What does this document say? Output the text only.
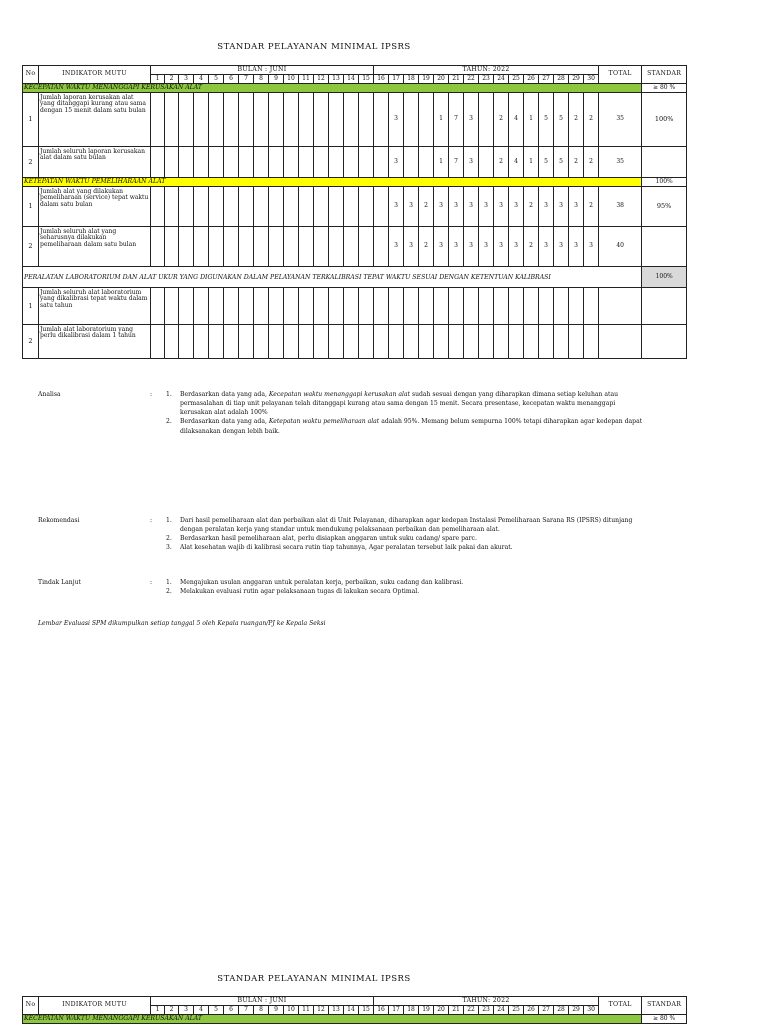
STANDAR PELAYANAN MINIMAL IPSRS
No	INDIKATOR MUTU	BULAN : JUNI															TAHUN: 2022															TOTAL	STANDAR
		1	2	3	4	5	6	7	8	9	10	11	12	13	14	15	16	17	18	19	20	21	22	23	24	25	26	27	28	29	30		
KECEPATAN WAKTU MENANGGAPI KERUSAKAN ALAT																																	≥ 80 %
1	Jumlah laporan kerusakan alat yang ditanggapi kurang atau sama dengan 15 menit dalam satu bulan																	3			1	7	3		2	4	1	5	5	2	2	35	100%
2	Jumlah seluruh laporan kerusakan alat dalam satu bulan																	3			1	7	3		2	4	1	5	5	2	2	35	
KETEPATAN WAKTU PEMELIHARAAN ALAT																																	100%
1	Jumlah alat yang dilakukan pemeliharaan (service) tepat waktu dalam satu bulan																	3	3	2	3	3	3	3	3	3	2	3	3	3	2	38	95%
2	Jumlah seluruh alat yang seharusnya dilakukan pemeliharaan dalam satu bulan																	3	3	2	3	3	3	3	3	3	2	3	3	3	3	40	
PERALATAN LABORATORIUM DAN ALAT UKUR YANG DIGUNAKAN DALAM PELAYANAN TERKALIBRASI TEPAT WAKTU SESUAI DENGAN KETENTUAN KALIBRASI																																	100%
1	Jumlah seluruh alat laboratorium yang dikalibrasi tepat waktu dalam satu tahun																																
2	Jumlah alat laboratorium yang perlu dikalibrasi dalam 1 tahun																																
Analisa	: 1. Berdasarkan data yang ada, Kecepatan waktu menanggapi kerusakan alat sudah sesuai dengan yang diharapkan dimana setiap keluhan atau permasalahan di tiap unit pelayanan telah ditanggapi kurang atau sama dengan 15 menit. Secara presentase, kecepatan waktu menanggapi kerusakan alat adalah 100%
2. Berdasarkan data yang ada, Ketepatan waktu pemeliharaan alat adalah 95%. Memang belum sempurna 100% tetapi diharapkan agar kedepan dapat dilaksanakan dengan lebih baik.
Rekomendasi	: 1. Dari hasil pemeliharaan alat dan perbaikan alat di Unit Pelayanan, diharapkan agar kedepan Instalasi Pemeliharaan Sarana RS (IPSRS) ditunjang dengan peralatan kerja yang standar untuk mendukung pelaksanaan perbaikan dan pemeliharaan alat.
2. Berdasarkan hasil pemeliharaan alat, perlu disiapkan anggaran untuk suku cadang/ spare parc.
3. Alat kesehatan wajib di kalibrasi secara rutin tiap tahunnya, Agar peralatan tersebut laik pakai dan akurat.
Tindak Lanjut	: 1. Mengajukan usulan anggaran untuk peralatan kerja, perbaikan, suku cadang dan kalibrasi.
2. Melakukan evaluasi rutin agar pelaksanaan tugas di lakukan secara Optimal.
Lembar Evaluasi SPM dikumpulkan setiap tanggal 5 oleh Kepala ruangan/PJ ke Kepala Seksi
STANDAR PELAYANAN MINIMAL IPSRS
No	INDIKATOR MUTU	BULAN : JUNI															TAHUN: 2022															TOTAL	STANDAR
		1	2	3	4	5	6	7	8	9	10	11	12	13	14	15	16	17	18	19	20	21	22	23	24	25	26	27	28	29	30		
KECEPATAN WAKTU MENANGGAPI KERUSAKAN ALAT																																	≥ 80 %
